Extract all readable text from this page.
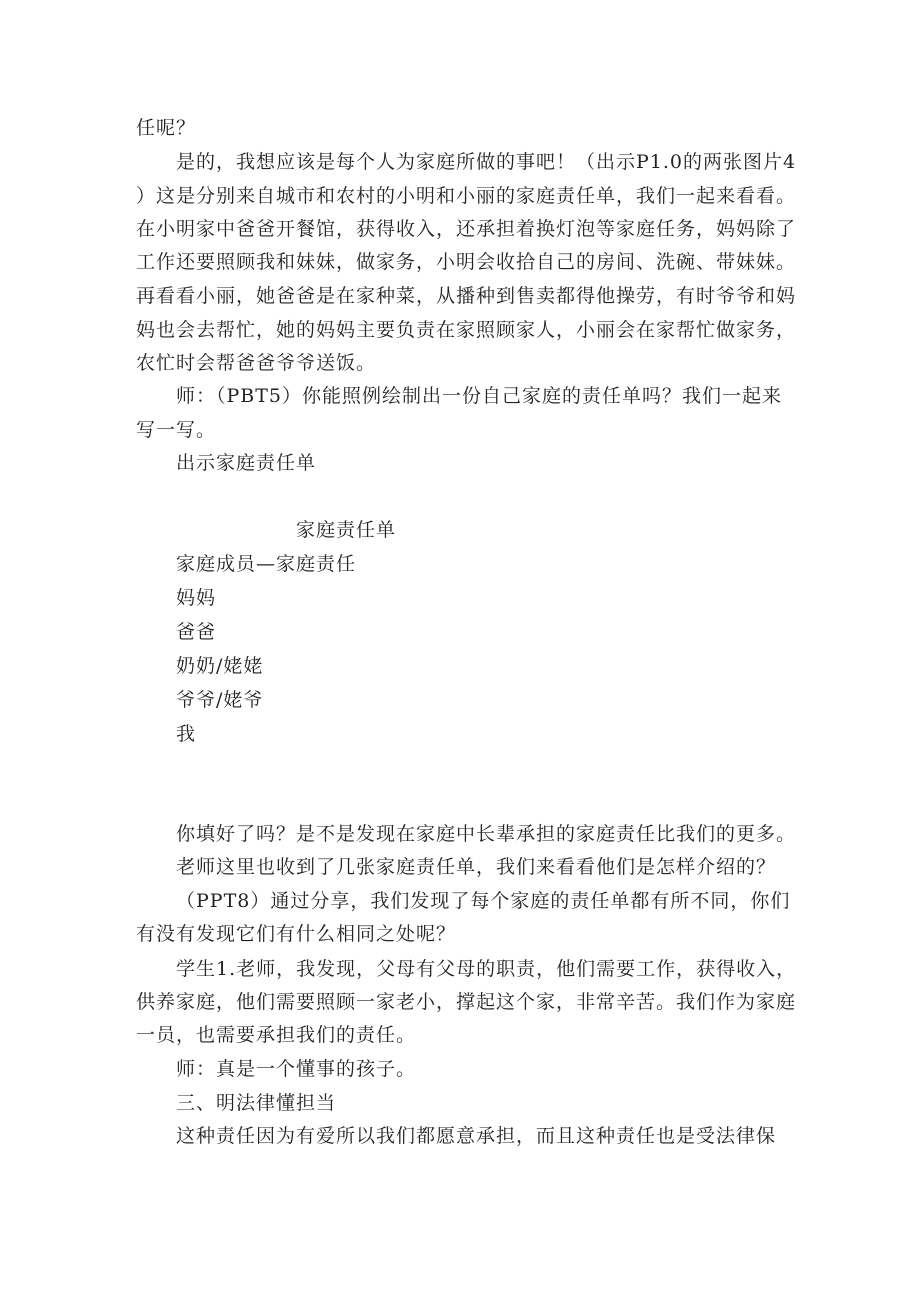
任呢？
是的，我想应该是每个人为家庭所做的事吧！（出示P1.0的两张图片4
）这是分别来自城市和农村的小明和小丽的家庭责任单，我们一起来看看。
在小明家中爸爸开餐馆，获得收入，还承担着换灯泡等家庭任务，妈妈除了
工作还要照顾我和妹妹，做家务，小明会收拾自己的房间、洗碗、带妹妹。
再看看小丽，她爸爸是在家种菜，从播种到售卖都得他操劳，有时爷爷和妈
妈也会去帮忙，她的妈妈主要负责在家照顾家人，小丽会在家帮忙做家务，
农忙时会帮爸爸爷爷送饭。
师：（PBT5）你能照例绘制出一份自己家庭的责任单吗？我们一起来
写一写。
出示家庭责任单
家庭责任单
家庭成员—家庭责任
妈妈
爸爸
奶奶/姥姥
爷爷/姥爷
我
你填好了吗？是不是发现在家庭中长辈承担的家庭责任比我们的更多。
老师这里也收到了几张家庭责任单，我们来看看他们是怎样介绍的？
（PPT8）通过分享，我们发现了每个家庭的责任单都有所不同，你们
有没有发现它们有什么相同之处呢？
学生1.老师，我发现，父母有父母的职责，他们需要工作，获得收入，
供养家庭，他们需要照顾一家老小，撑起这个家，非常辛苦。我们作为家庭
一员，也需要承担我们的责任。
师：真是一个懂事的孩子。
三、明法律懂担当
这种责任因为有爱所以我们都愿意承担，而且这种责任也是受法律保
